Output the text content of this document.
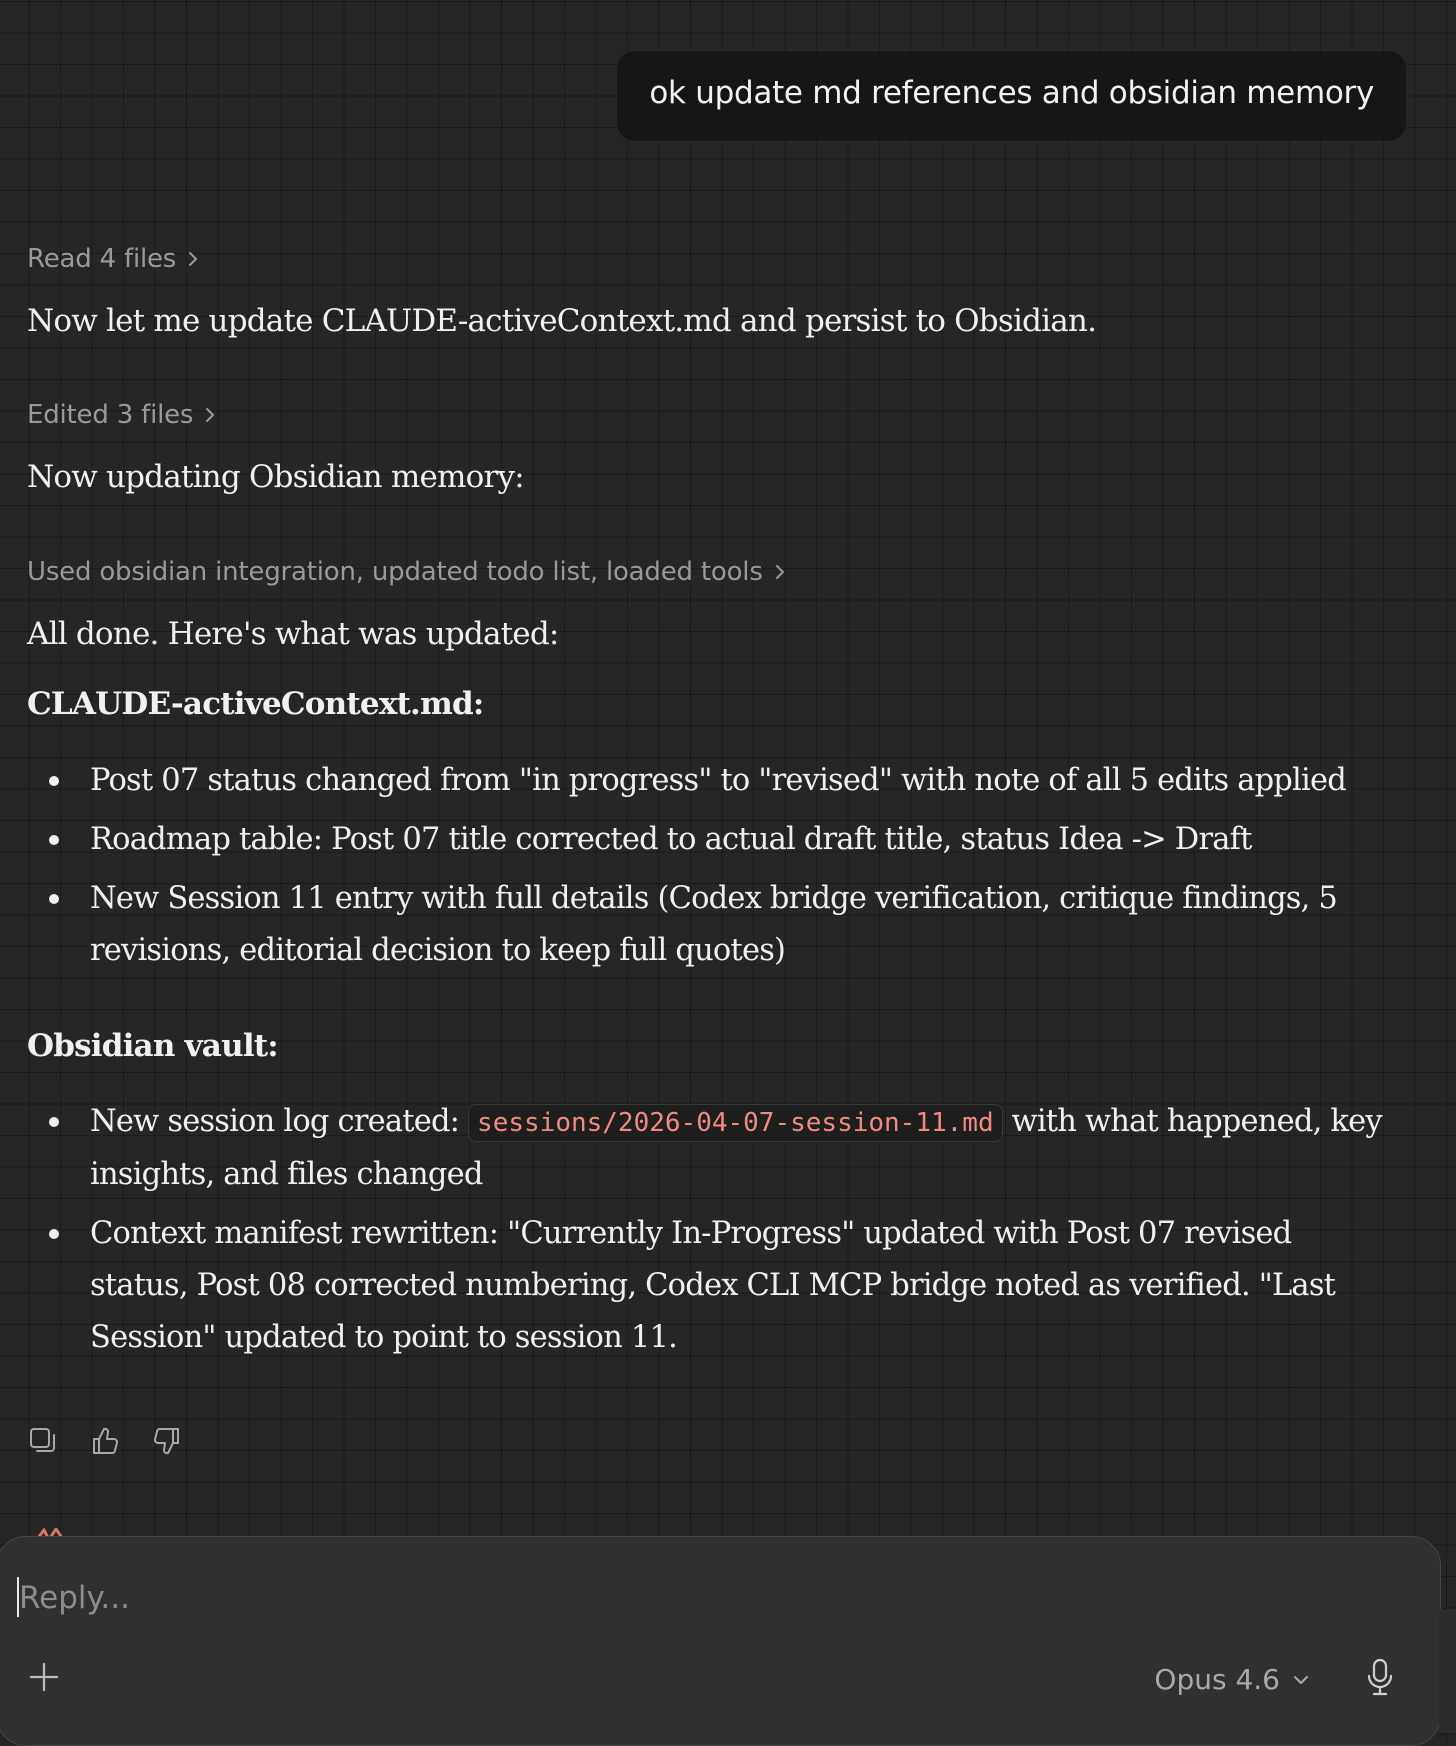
ok update md references and obsidian memory
Read 4 files
Now let me update CLAUDE-activeContext.md and persist to Obsidian.
Edited 3 files
Now updating Obsidian memory:
Used obsidian integration, updated todo list, loaded tools
All done. Here's what was updated:
CLAUDE-activeContext.md:
Post 07 status changed from "in progress" to "revised" with note of all 5 edits applied
Roadmap table: Post 07 title corrected to actual draft title, status Idea -> Draft
New Session 11 entry with full details (Codex bridge verification, critique findings, 5 revisions, editorial decision to keep full quotes)
Obsidian vault:
New session log created: sessions/2026-04-07-session-11.md with what happened, key insights, and files changed
Context manifest rewritten: "Currently In-Progress" updated with Post 07 revised status, Post 08 corrected numbering, Codex CLI MCP bridge noted as verified. "Last Session" updated to point to session 11.
Reply...
Opus 4.6
